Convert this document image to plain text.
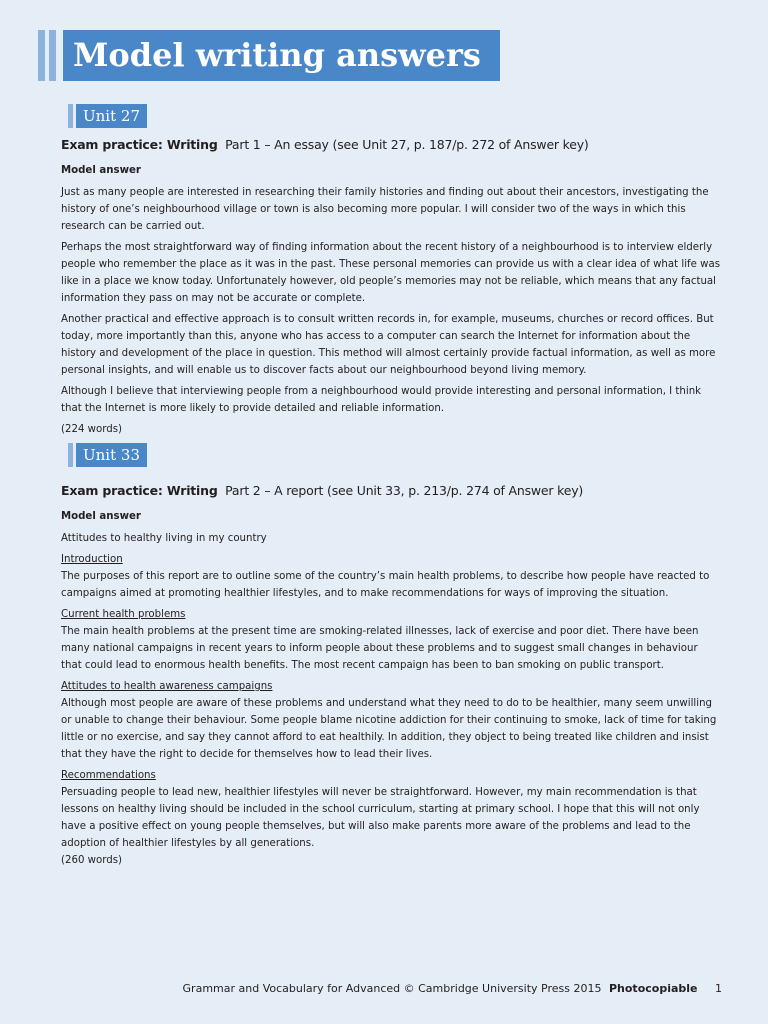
Model writing answers
Unit 27
Exam practice: Writing Part 1 – An essay (see Unit 27, p. 187/p. 272 of Answer key)

Model answer

Just as many people are interested in researching their family histories and finding out about their ancestors, investigating the history of one’s neighbourhood village or town is also becoming more popular. I will consider two of the ways in which this research can be carried out.

Perhaps the most straightforward way of finding information about the recent history of a neighbourhood is to interview elderly people who remember the place as it was in the past. These personal memories can provide us with a clear idea of what life was like in a place we know today. Unfortunately however, old people’s memories may not be reliable, which means that any factual information they pass on may not be accurate or complete.

Another practical and effective approach is to consult written records in, for example, museums, churches or record offices. But today, more importantly than this, anyone who has access to a computer can search the Internet for information about the history and development of the place in question. This method will almost certainly provide factual information, as well as more personal insights, and will enable us to discover facts about our neighbourhood beyond living memory.

Although I believe that interviewing people from a neighbourhood would provide interesting and personal information, I think that the Internet is more likely to provide detailed and reliable information.

(224 words)

Unit 33
Exam practice: Writing Part 2 – A report (see Unit 33, p. 213/p. 274 of Answer key)

Model answer

Attitudes to healthy living in my country

Introduction

The purposes of this report are to outline some of the country’s main health problems, to describe how people have reacted to campaigns aimed at promoting healthier lifestyles, and to make recommendations for ways of improving the situation.

Current health problems

The main health problems at the present time are smoking-related illnesses, lack of exercise and poor diet. There have been many national campaigns in recent years to inform people about these problems and to suggest small changes in behaviour that could lead to enormous health benefits. The most recent campaign has been to ban smoking on public transport.

Attitudes to health awareness campaigns

Although most people are aware of these problems and understand what they need to do to be healthier, many seem unwilling or unable to change their behaviour. Some people blame nicotine addiction for their continuing to smoke, lack of time for taking little or no exercise, and say they cannot afford to eat healthily. In addition, they object to being treated like children and insist that they have the right to decide for themselves how to lead their lives.

Recommendations

Persuading people to lead new, healthier lifestyles will never be straightforward. However, my main recommendation is that lessons on healthy living should be included in the school curriculum, starting at primary school. I hope that this will not only have a positive effect on young people themselves, but will also make parents more aware of the problems and lead to the adoption of healthier lifestyles by all generations.

(260 words)

Grammar and Vocabulary for Advanced © Cambridge University Press 2015 Photocopiable 1
